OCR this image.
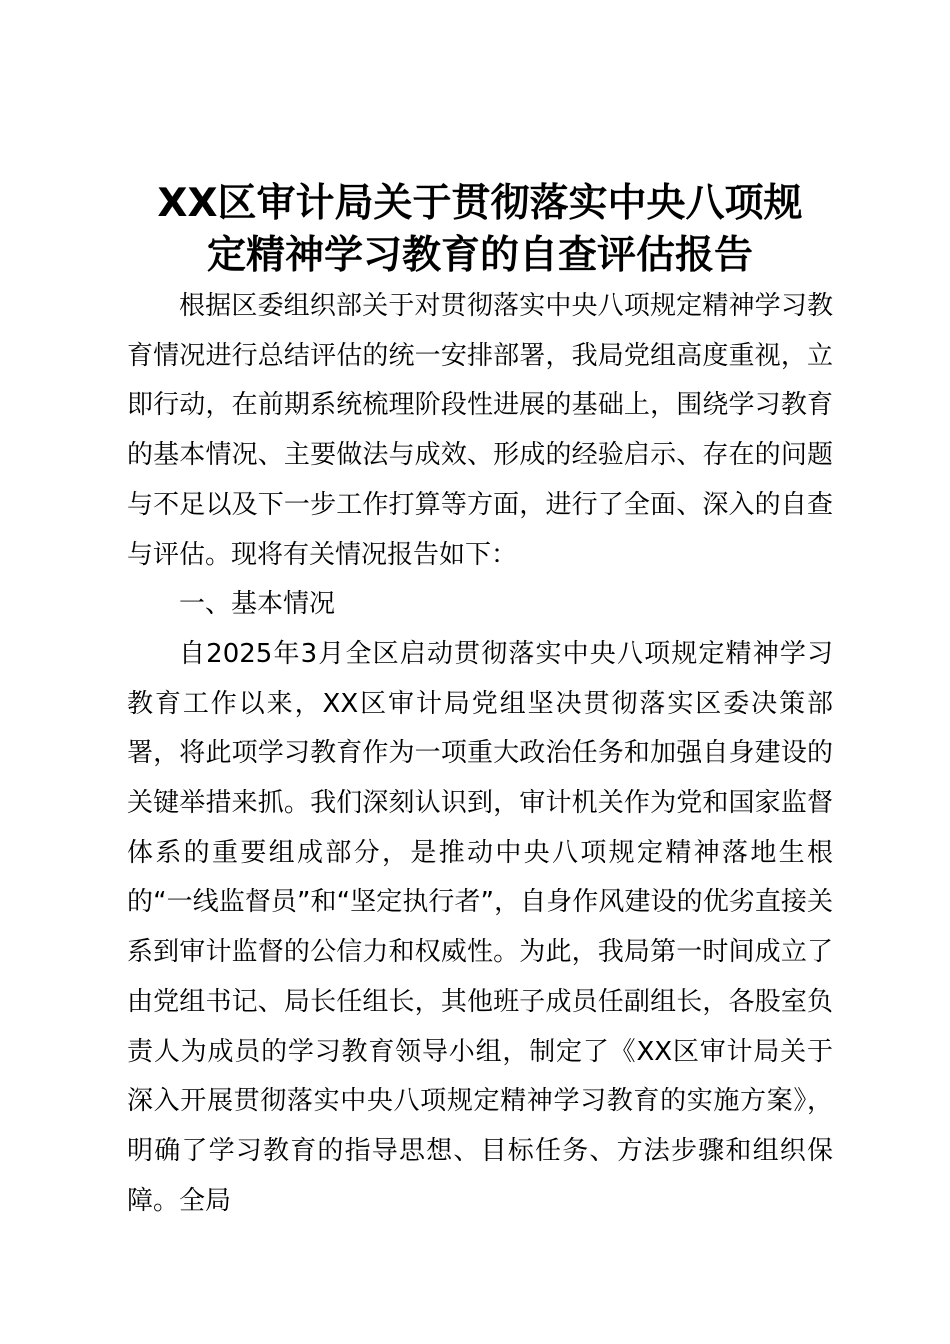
XX区审计局关于贯彻落实中央八项规
定精神学习教育的自查评估报告

根据区委组织部关于对贯彻落实中央八项规定精神学习教育情况进行总结评估的统一安排部署，我局党组高度重视，立即行动，在前期系统梳理阶段性进展的基础上，围绕学习教育的基本情况、主要做法与成效、形成的经验启示、存在的问题与不足以及下一步工作打算等方面，进行了全面、深入的自查与评估。现将有关情况报告如下：

一、基本情况

自2025年3月全区启动贯彻落实中央八项规定精神学习教育工作以来，XX区审计局党组坚决贯彻落实区委决策部署，将此项学习教育作为一项重大政治任务和加强自身建设的关键举措来抓。我们深刻认识到，审计机关作为党和国家监督体系的重要组成部分，是推动中央八项规定精神落地生根的“一线监督员”和“坚定执行者”，自身作风建设的优劣直接关系到审计监督的公信力和权威性。为此，我局第一时间成立了由党组书记、局长任组长，其他班子成员任副组长，各股室负责人为成员的学习教育领导小组，制定了《XX区审计局关于深入开展贯彻落实中央八项规定精神学习教育的实施方案》，明确了学习教育的指导思想、目标任务、方法步骤和组织保障。全局
